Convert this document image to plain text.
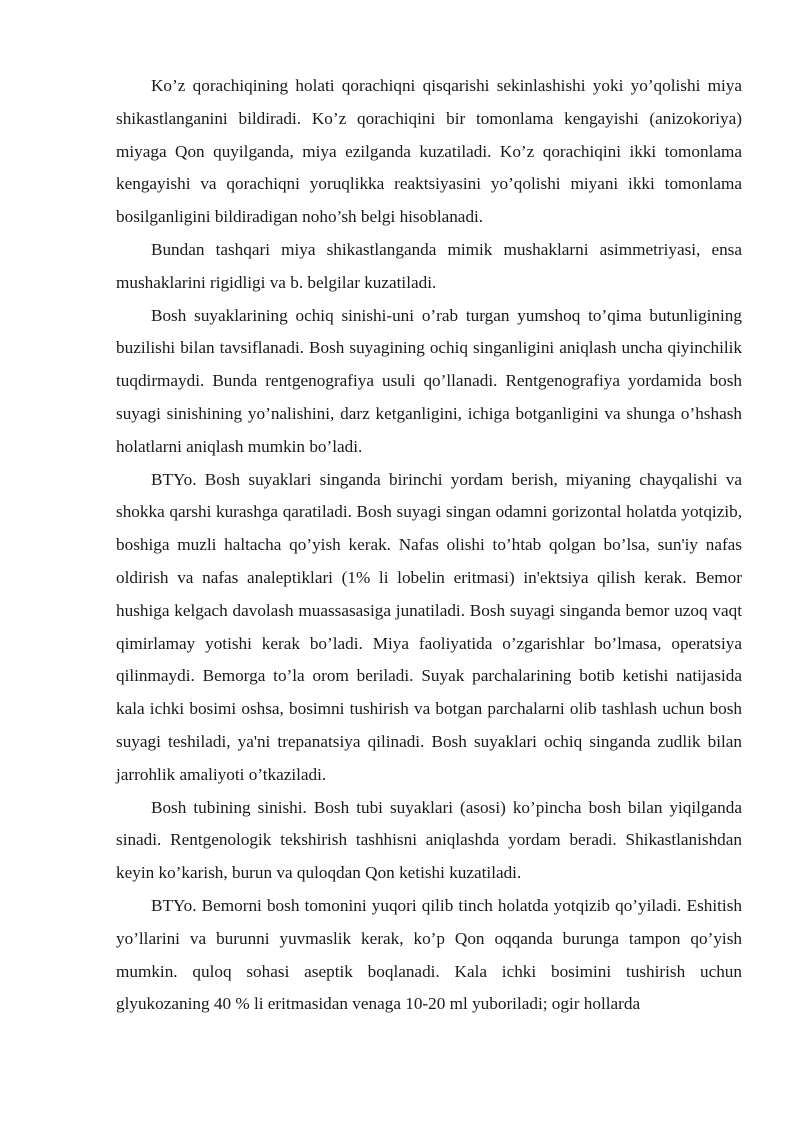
Ko’z qorachiqining holati qorachiqni qisqarishi sekinlashishi yoki yo’qolishi miya shikastlanganini bildiradi. Ko’z qorachiqini bir tomonlama kengayishi (anizokoriya) miyaga Qon quyilganda, miya ezilganda kuzatiladi. Ko’z qorachiqini ikki tomonlama kengayishi va qorachiqni yoruqlikka reaktsiyasini yo’qolishi miyani ikki tomonlama bosilganligini bildiradigan noho’sh belgi hisoblanadi.

Bundan tashqari miya shikastlanganda mimik mushaklarni asimmetriyasi, ensa mushaklarini rigidligi va b. belgilar kuzatiladi.

Bosh suyaklarining ochiq sinishi-uni o’rab turgan yumshoq to’qima butunligining buzilishi bilan tavsiflanadi. Bosh suyagining ochiq singanligini aniqlash uncha qiyinchilik tuqdirmaydi. Bunda rentgenografiya usuli qo’llanadi. Rentgenografiya yordamida bosh suyagi sinishining yo’nalishini, darz ketganligini, ichiga botganligini va shunga o’hshash holatlarni aniqlash mumkin bo’ladi.

BTYo. Bosh suyaklari singanda birinchi yordam berish, miyaning chayqalishi va shokka qarshi kurashga qaratiladi. Bosh suyagi singan odamni gorizontal holatda yotqizib, boshiga muzli haltacha qo’yish kerak. Nafas olishi to’htab qolgan bo’lsa, sun'iy nafas oldirish va nafas analeptiklari (1% li lobelin eritmasi) in'ektsiya qilish kerak. Bemor hushiga kelgach davolash muassasasiga junatiladi. Bosh suyagi singanda bemor uzoq vaqt qimirlamay yotishi kerak bo’ladi. Miya faoliyatida o’zgarishlar bo’lmasa, operatsiya qilinmaydi. Bemorga to’la orom beriladi. Suyak parchalarining botib ketishi natijasida kala ichki bosimi oshsa, bosimni tushirish va botgan parchalarni olib tashlash uchun bosh suyagi teshiladi, ya'ni trepanatsiya qilinadi. Bosh suyaklari ochiq singanda zudlik bilan jarrohlik amaliyoti o’tkaziladi.

Bosh tubining sinishi. Bosh tubi suyaklari (asosi) ko’pincha bosh bilan yiqilganda sinadi. Rentgenologik tekshirish tashhisni aniqlashda yordam beradi. Shikastlanishdan keyin ko’karish, burun va quloqdan Qon ketishi kuzatiladi.

BTYo. Bemorni bosh tomonini yuqori qilib tinch holatda yotqizib qo’yiladi. Eshitish yo’llarini va burunni yuvmaslik kerak, ko’p Qon oqqanda burunga tampon qo’yish mumkin. quloq sohasi aseptik boqlanadi. Kala ichki bosimini tushirish uchun glyukozaning 40 % li eritmasidan venaga 10-20 ml yuboriladi; ogir hollarda
